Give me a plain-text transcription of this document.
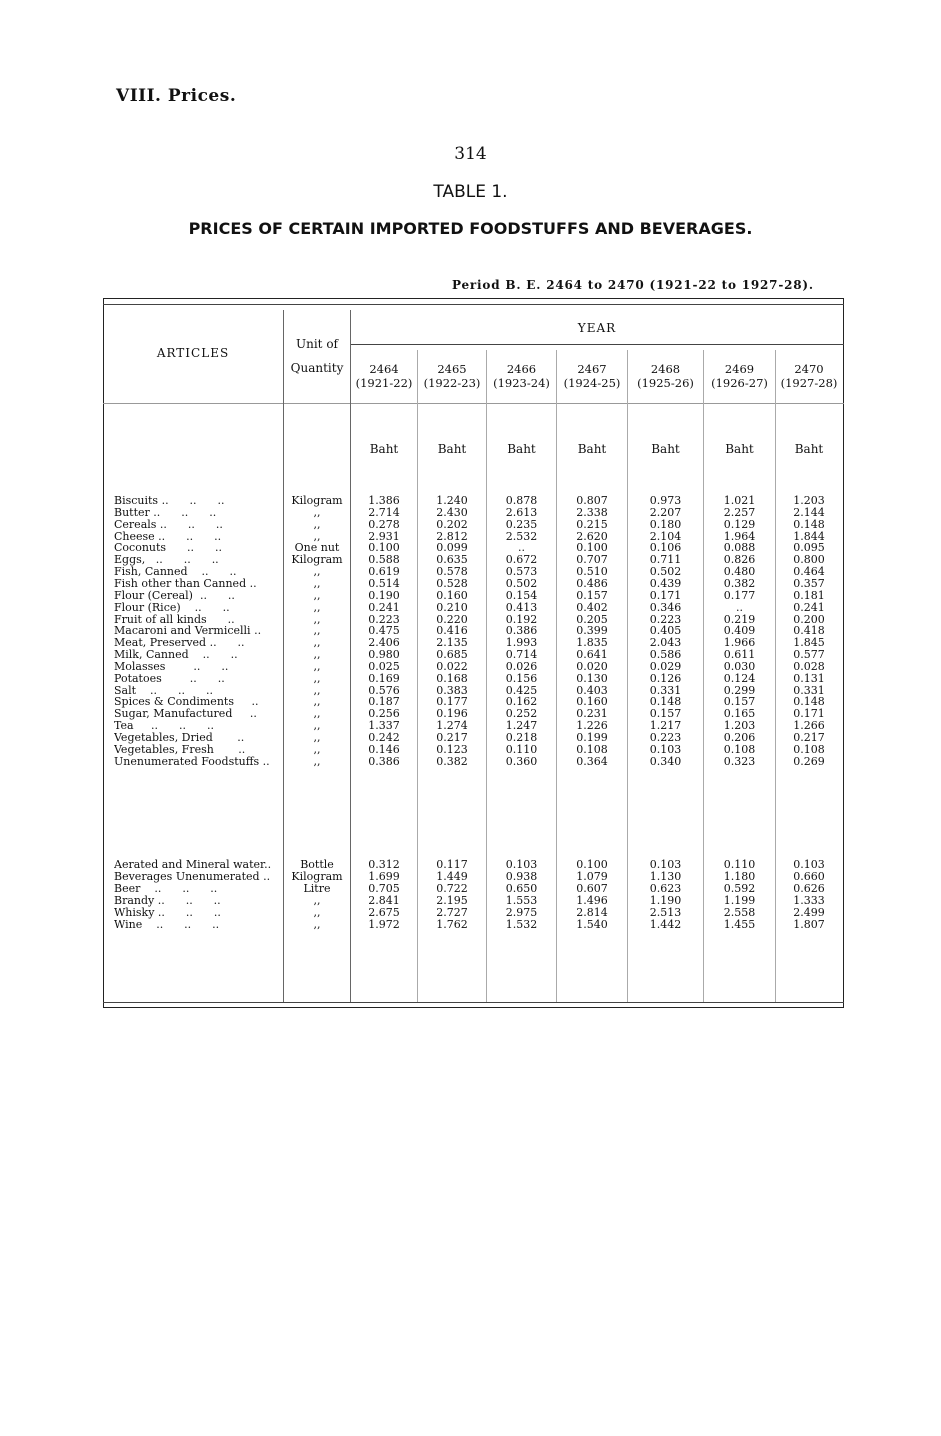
VIII. Prices.
314
TABLE 1.
PRICES OF CERTAIN IMPORTED FOODSTUFFS AND BEVERAGES.
Period B. E. 2464 to 2470 (1921-22 to 1927-28).
ARTICLES
Unit of Quantity
YEAR
2464
(1921-22)
2465
(1922-23)
2466
(1923-24)
2467
(1924-25)
2468
(1925-26)
2469
(1926-27)
2470
(1927-28)
Baht	Baht	Baht	Baht	Baht	Baht	Baht
Biscuits ..      ..      ..	Kilogram	1.386	1.240	0.878	0.807	0.973	1.021	1.203
Butter ..      ..      ..	,,	2.714	2.430	2.613	2.338	2.207	2.257	2.144
Cereals ..      ..      ..	,,	0.278	0.202	0.235	0.215	0.180	0.129	0.148
Cheese ..      ..      ..	,,	2.931	2.812	2.532	2.620	2.104	1.964	1.844
Coconuts      ..      ..	One nut	0.100	0.099	..	0.100	0.106	0.088	0.095
Eggs,   ..      ..      ..	Kilogram	0.588	0.635	0.672	0.707	0.711	0.826	0.800
Fish, Canned    ..      ..	,,	0.619	0.578	0.573	0.510	0.502	0.480	0.464
Fish other than Canned ..	,,	0.514	0.528	0.502	0.486	0.439	0.382	0.357
Flour (Cereal)  ..      ..	,,	0.190	0.160	0.154	0.157	0.171	0.177	0.181
Flour (Rice)    ..      ..	,,	0.241	0.210	0.413	0.402	0.346	..	0.241
Fruit of all kinds      ..	,,	0.223	0.220	0.192	0.205	0.223	0.219	0.200
Macaroni and Vermicelli ..	,,	0.475	0.416	0.386	0.399	0.405	0.409	0.418
Meat, Preserved ..      ..	,,	2.406	2.135	1.993	1.835	2.043	1.966	1.845
Milk, Canned    ..      ..	,,	0.980	0.685	0.714	0.641	0.586	0.611	0.577
Molasses        ..      ..	,,	0.025	0.022	0.026	0.020	0.029	0.030	0.028
Potatoes        ..      ..	,,	0.169	0.168	0.156	0.130	0.126	0.124	0.131
Salt    ..      ..      ..	,,	0.576	0.383	0.425	0.403	0.331	0.299	0.331
Spices & Condiments     ..	,,	0.187	0.177	0.162	0.160	0.148	0.157	0.148
Sugar, Manufactured     ..	,,	0.256	0.196	0.252	0.231	0.157	0.165	0.171
Tea     ..      ..      ..	,,	1.337	1.274	1.247	1.226	1.217	1.203	1.266
Vegetables, Dried       ..	,,	0.242	0.217	0.218	0.199	0.223	0.206	0.217
Vegetables, Fresh       ..	,,	0.146	0.123	0.110	0.108	0.103	0.108	0.108
Unenumerated Foodstuffs ..	,,	0.386	0.382	0.360	0.364	0.340	0.323	0.269
Aerated and Mineral water..	Bottle	0.312	0.117	0.103	0.100	0.103	0.110	0.103
Beverages Unenumerated ..	Kilogram	1.699	1.449	0.938	1.079	1.130	1.180	0.660
Beer    ..      ..      ..	Litre	0.705	0.722	0.650	0.607	0.623	0.592	0.626
Brandy ..      ..      ..	,,	2.841	2.195	1.553	1.496	1.190	1.199	1.333
Whisky ..      ..      ..	,,	2.675	2.727	2.975	2.814	2.513	2.558	2.499
Wine    ..      ..      ..	,,	1.972	1.762	1.532	1.540	1.442	1.455	1.807
